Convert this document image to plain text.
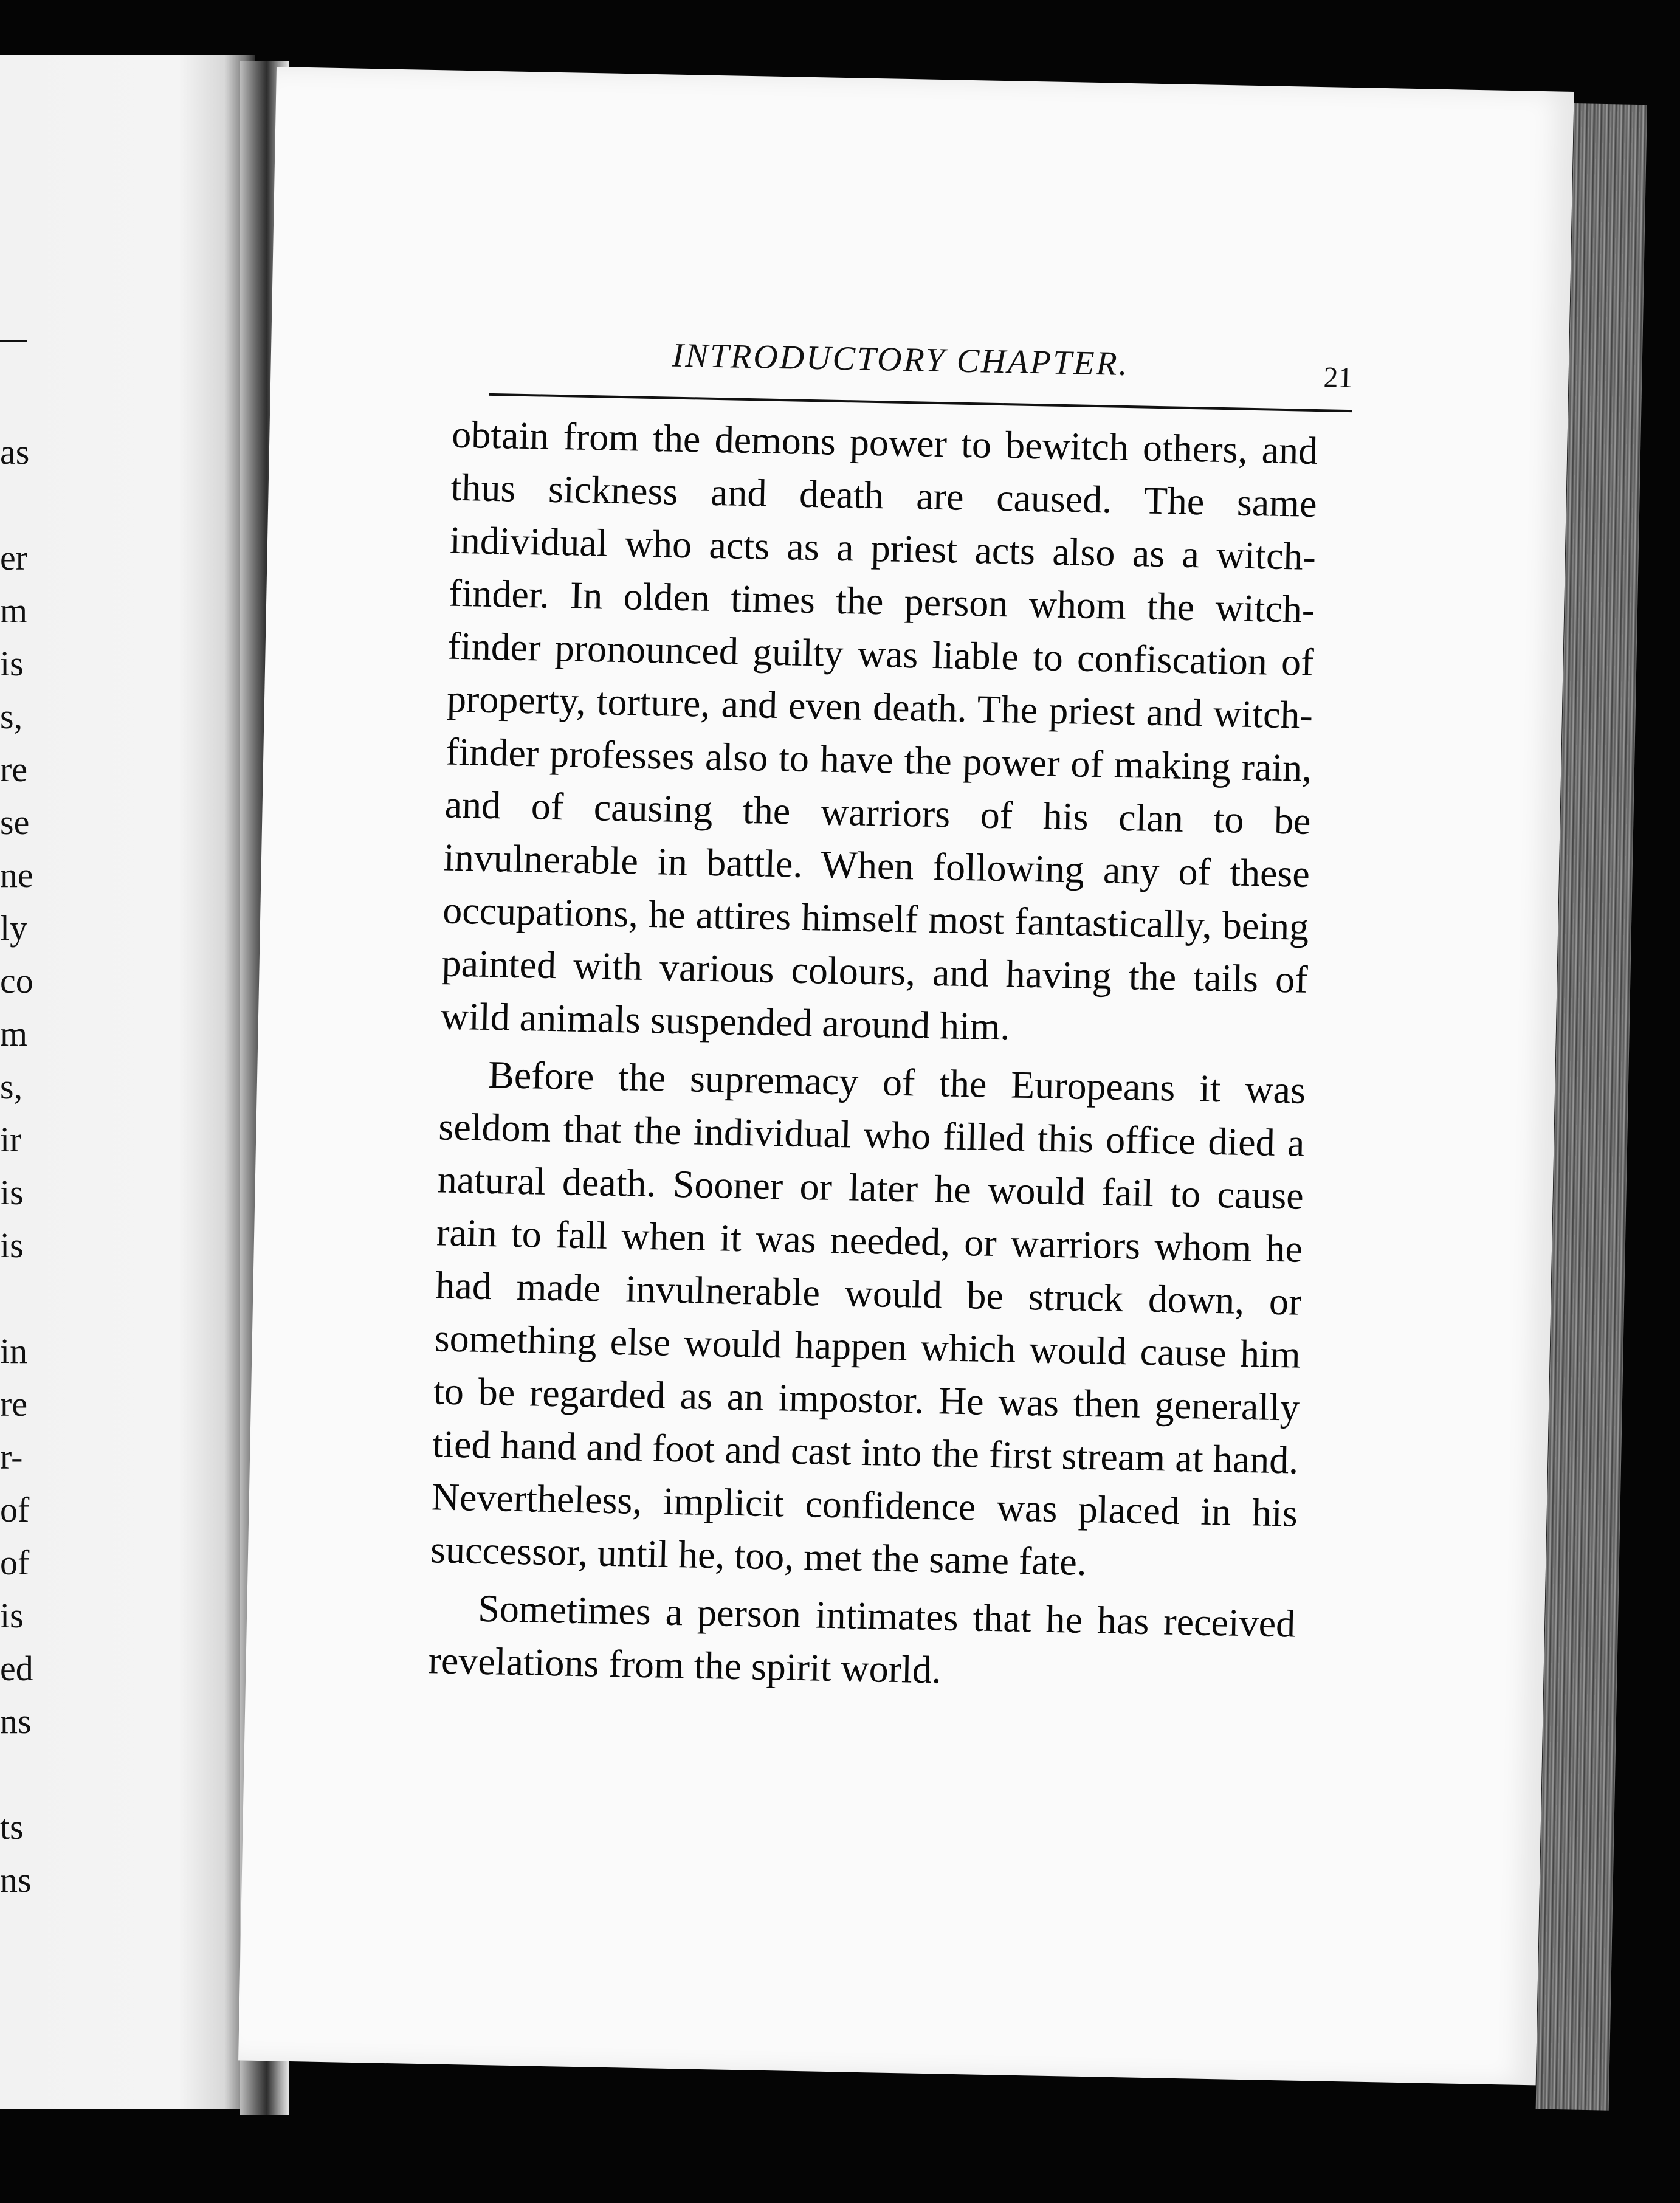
as
er
m
is
s,
re
se
ne
ly
co
m
s,
ir
is
is
in
re
r-
of
of
is
ed
ns
ts
ns
INTRODUCTORY CHAPTER.	21

obtain from the demons power to bewitch others, and thus sickness and death are caused. The same individual who acts as a priest acts also as a witch-finder. In olden times the person whom the witch-finder pronounced guilty was liable to confiscation of property, torture, and even death. The priest and witch-finder professes also to have the power of making rain, and of causing the warriors of his clan to be invulnerable in battle. When following any of these occupations, he attires himself most fantastically, being painted with various colours, and having the tails of wild animals suspended around him.

Before the supremacy of the Europeans it was seldom that the individual who filled this office died a natural death. Sooner or later he would fail to cause rain to fall when it was needed, or warriors whom he had made invulnerable would be struck down, or something else would happen which would cause him to be regarded as an impostor. He was then generally tied hand and foot and cast into the first stream at hand. Nevertheless, implicit confidence was placed in his successor, until he, too, met the same fate.

Sometimes a person intimates that he has received revelations from the spirit world.
